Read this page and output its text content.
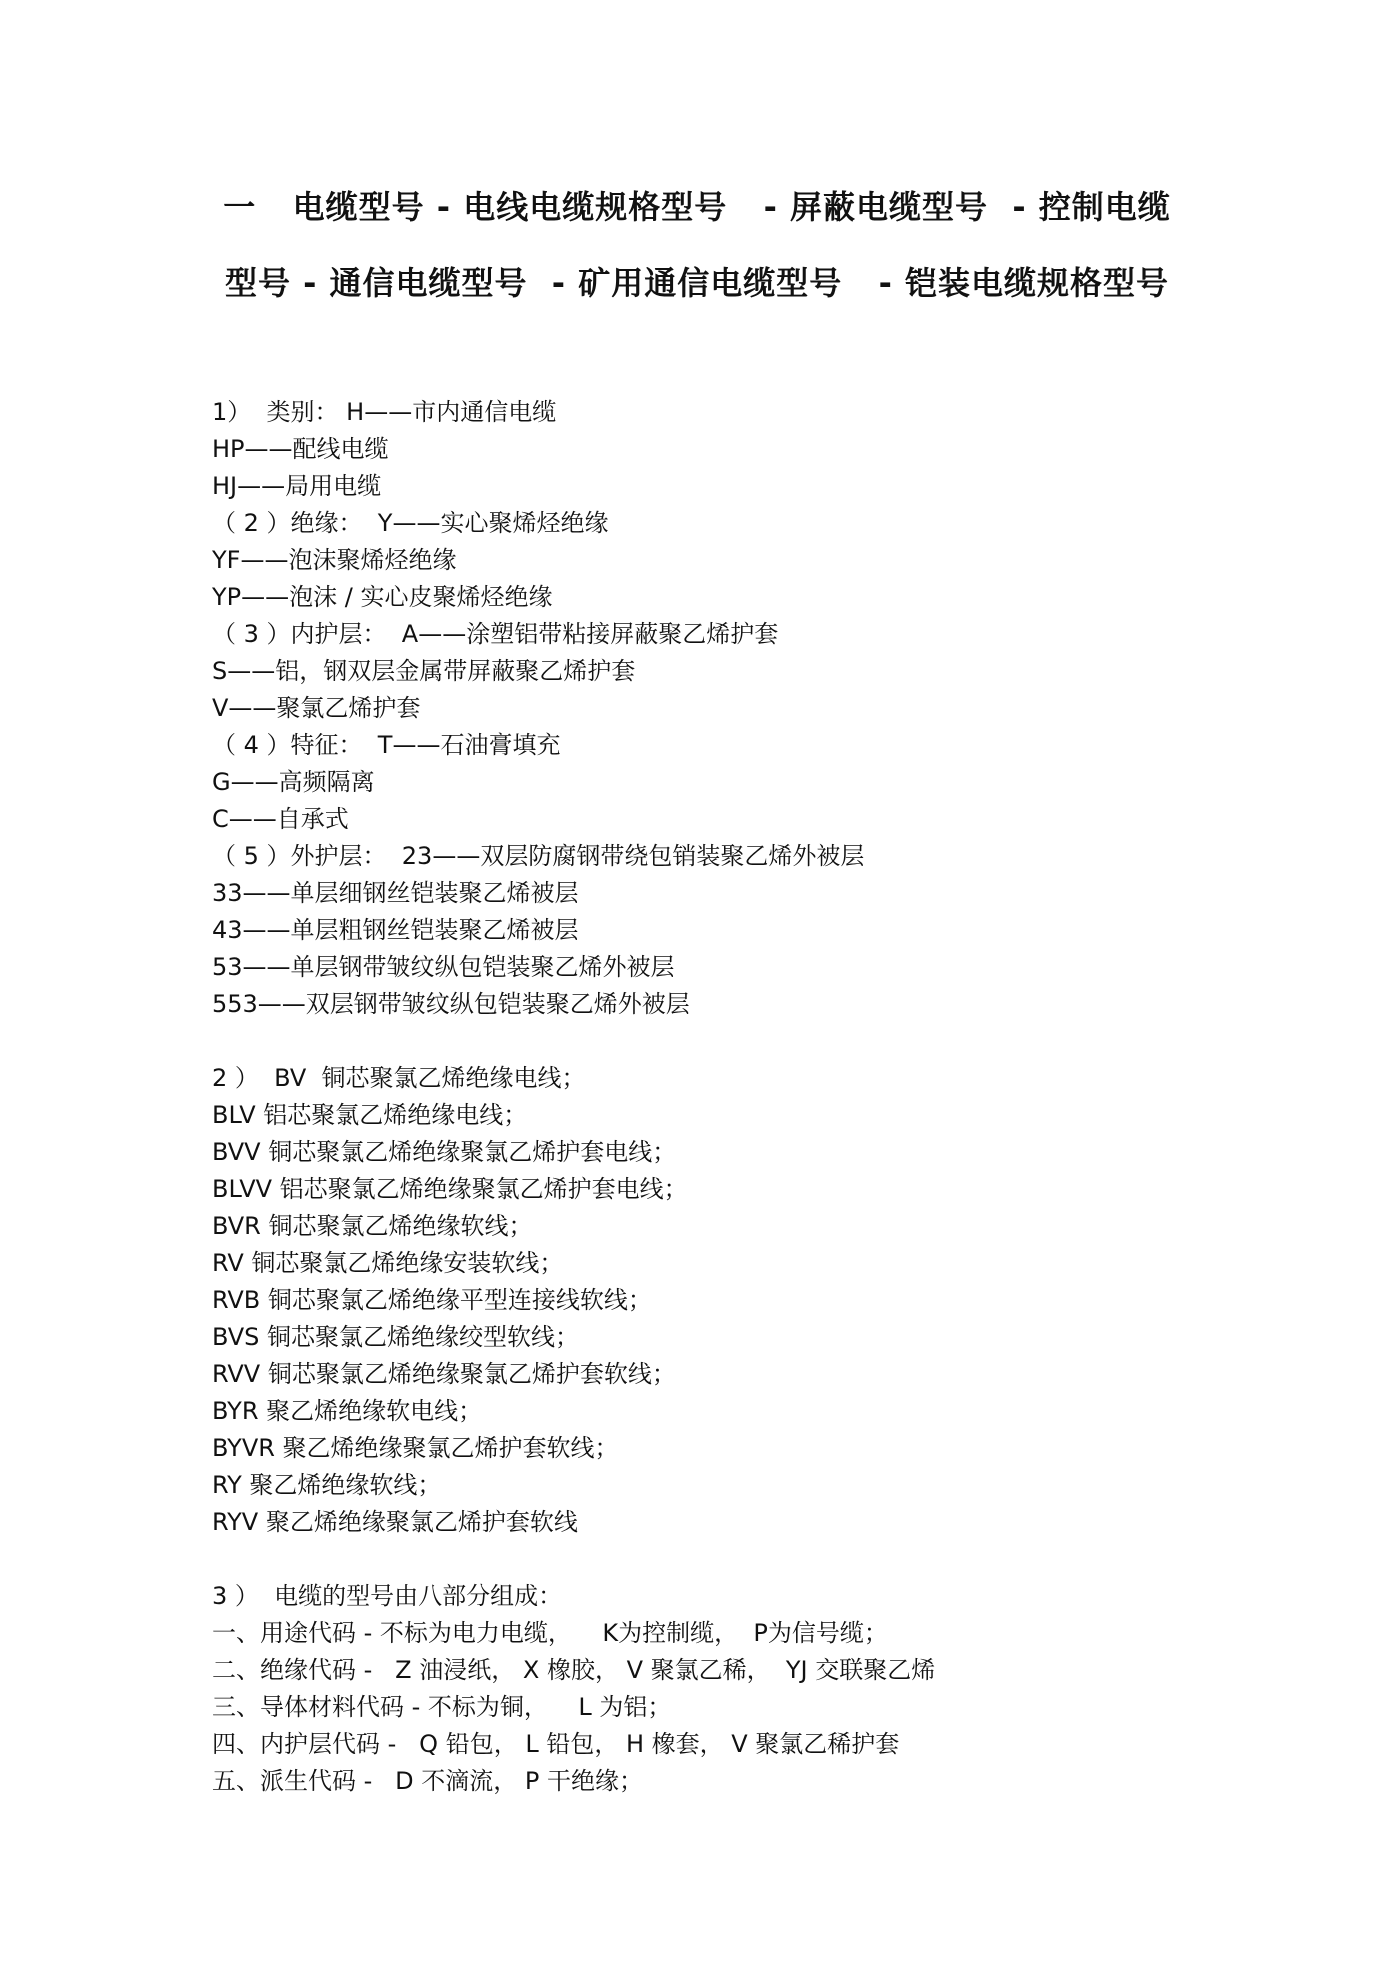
一   电缆型号 - 电线电缆规格型号   - 屏蔽电缆型号  - 控制电缆
型号 - 通信电缆型号  - 矿用通信电缆型号   - 铠装电缆规格型号
1）  类别： H——市内通信电缆
HP——配线电缆
HJ——局用电缆
（ 2 ）绝缘：  Y——实心聚烯烃绝缘
YF——泡沫聚烯烃绝缘
YP——泡沫 / 实心皮聚烯烃绝缘
（ 3 ）内护层：  A——涂塑铝带粘接屏蔽聚乙烯护套
S——铝，钢双层金属带屏蔽聚乙烯护套
V——聚氯乙烯护套
（ 4 ）特征：  T——石油膏填充
G——高频隔离
C——自承式
（ 5 ）外护层：  23——双层防腐钢带绕包销装聚乙烯外被层
33——单层细钢丝铠装聚乙烯被层
43——单层粗钢丝铠装聚乙烯被层
53——单层钢带皱纹纵包铠装聚乙烯外被层
553——双层钢带皱纹纵包铠装聚乙烯外被层
2 ）  BV  铜芯聚氯乙烯绝缘电线；
BLV 铝芯聚氯乙烯绝缘电线；
BVV 铜芯聚氯乙烯绝缘聚氯乙烯护套电线；
BLVV 铝芯聚氯乙烯绝缘聚氯乙烯护套电线；
BVR 铜芯聚氯乙烯绝缘软线；
RV 铜芯聚氯乙烯绝缘安装软线；
RVB 铜芯聚氯乙烯绝缘平型连接线软线；
BVS 铜芯聚氯乙烯绝缘绞型软线；
RVV 铜芯聚氯乙烯绝缘聚氯乙烯护套软线；
BYR 聚乙烯绝缘软电线；
BYVR 聚乙烯绝缘聚氯乙烯护套软线；
RY 聚乙烯绝缘软线；
RYV 聚乙烯绝缘聚氯乙烯护套软线
3 ）  电缆的型号由八部分组成：
一、用途代码 - 不标为电力电缆，    K为控制缆，  P为信号缆；
二、绝缘代码 -   Z 油浸纸， X 橡胶， V 聚氯乙稀，  YJ 交联聚乙烯
三、导体材料代码 - 不标为铜，    L 为铝；
四、内护层代码 -   Q 铅包， L 铅包， H 橡套， V 聚氯乙稀护套
五、派生代码 -   D 不滴流， P 干绝缘；
